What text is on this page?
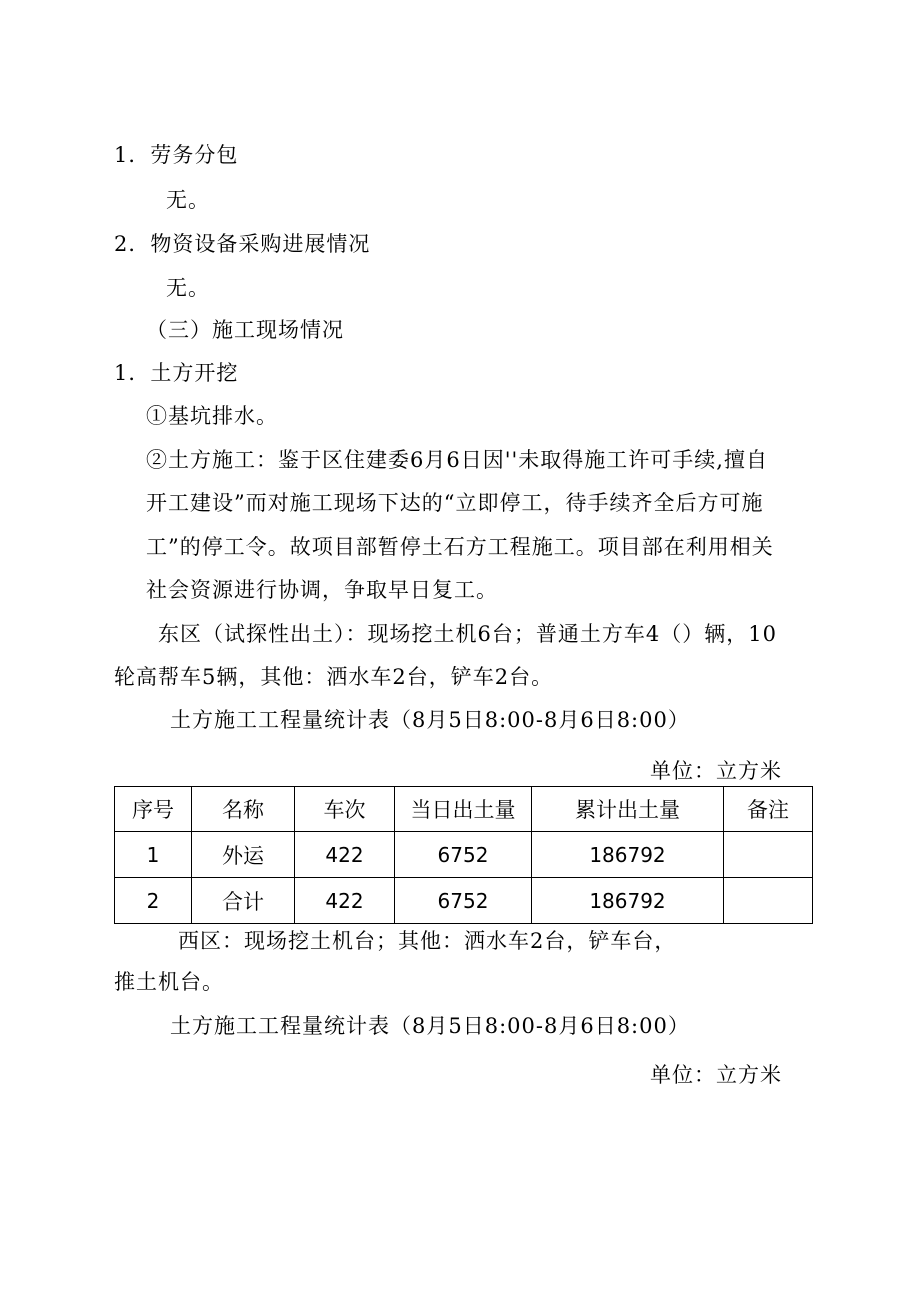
1．劳务分包
无。
2．物资设备采购进展情况
无。
（三）施工现场情况
1．土方开挖
①基坑排水。
②土方施工：鉴于区住建委6月6日因''未取得施工许可手续,擅自
开工建设”而对施工现场下达的“立即停工，待手续齐全后方可施
工”的停工令。故项目部暂停土石方工程施工。项目部在利用相关
社会资源进行协调，争取早日复工。
东区（试探性出土）：现场挖土机6台；普通土方车4（）辆，10
轮高帮车5辆，其他：洒水车2台，铲车2台。
土方施工工程量统计表（8月5日8:00-8月6日8:00）
单位：立方米
序号	名称	车次	当日出土量	累计出土量	备注
1	外运	422	6752	186792	
2	合计	422	6752	186792	
西区：现场挖土机台；其他：洒水车2台，铲车台，
推土机台。
土方施工工程量统计表（8月5日8:00-8月6日8:00）
单位：立方米
